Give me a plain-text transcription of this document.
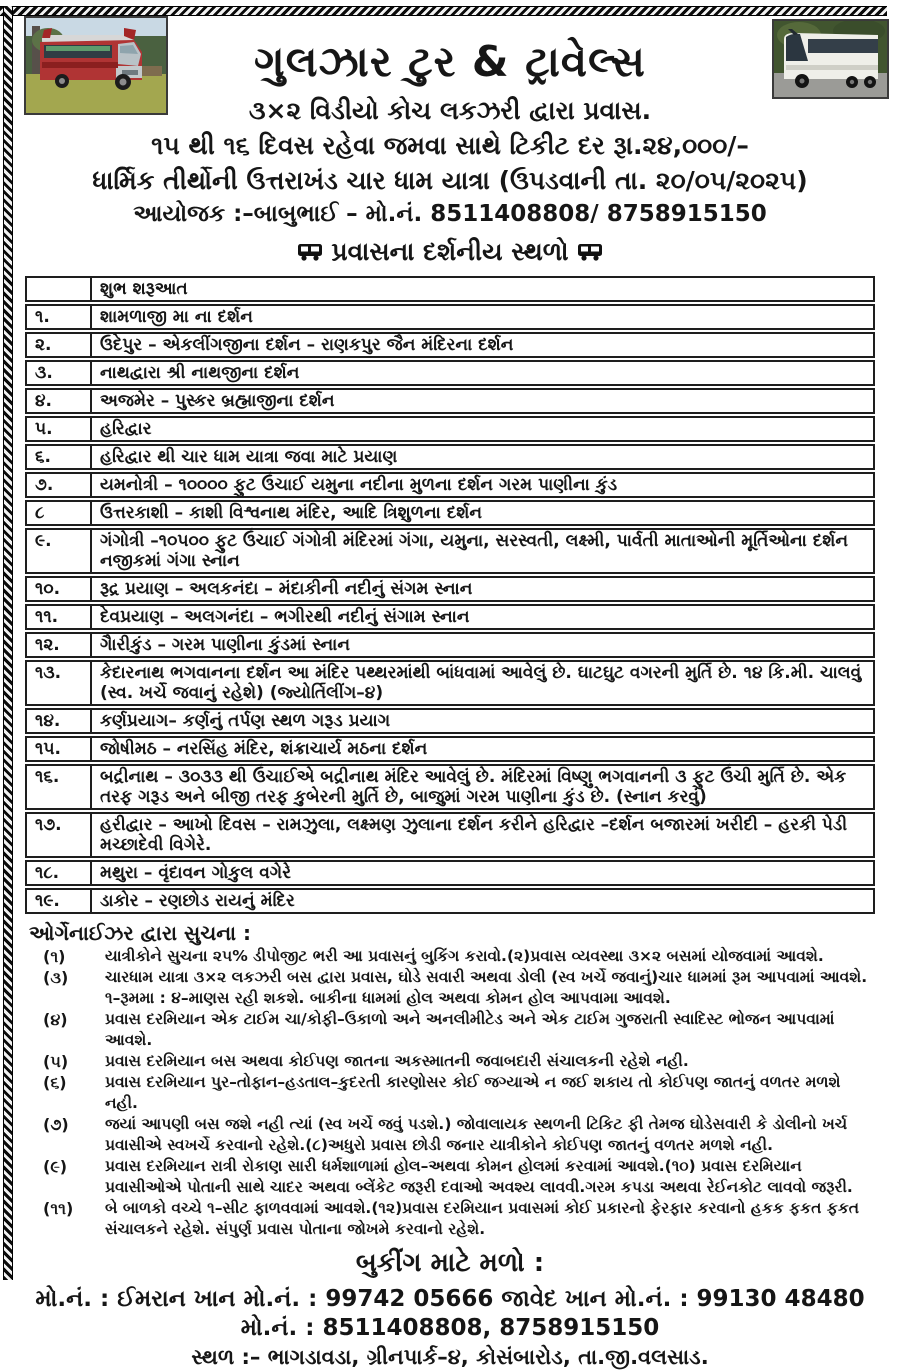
ગુલઝાર ટુર & ટ્રાવેલ્સ
૩×૨ વિડીયો કોચ લકઝરી દ્વારા પ્રવાસ.
૧૫ થી ૧૬ દિવસ રહેવા જમવા સાથે ટિકીટ દર રૂા.૨૪,૦૦૦/–
ધાર્મિક તીર્થોની ઉત્તરાખંડ ચાર ધામ યાત્રા (ઉપડવાની તા. ૨૦/૦૫/૨૦૨૫)
આયોજક :–બાબુભાઈ – મો.નં. 8511408808/ 8758915150
પ્રવાસના દર્શનીય સ્થળો
	શુભ શરૂઆત
૧.	શામળાજી મા ના દર્શન
૨.	ઉદેપુર – એકલીંગજીના દર્શન – રાણકપુર જૈન મંદિરના દર્શન
૩.	નાથદ્વારા શ્રી નાથજીના દર્શન
૪.	અજમેર – પુસ્કર બ્રહ્માજીના દર્શન
૫.	હરિદ્વાર
૬.	હરિદ્વાર થી ચાર ધામ યાત્રા જવા માટે પ્રયાણ
૭.	યમનોત્રી – ૧૦૦૦૦ ફુટ ઉંચાઈ યમુના નદીના મુળના દર્શન ગરમ પાણીના કુંડ
૮	ઉત્તરકાશી – કાશી વિશ્વનાથ મંદિર, આદિ ત્રિશુળના દર્શન
૯.	ગંગોત્રી –૧૦૫૦૦ ફુટ ઉંચાઈ ગંગોત્રી મંદિરમાં ગંગા, યમુના, સરસ્વતી, લક્ષ્મી, પાર્વતી માતાઓની મૂર્તિઓના દર્શન નજીકમાં ગંગા સ્નાન
૧૦.	રૂદ્ર પ્રયાણ – અલકનંદા – મંદાકીની નદીનું સંગમ સ્નાન
૧૧.	દેવપ્રયાણ – અલગનંદા – ભગીરથી નદીનું સંગામ સ્નાન
૧૨.	ગૈારીકુંડ – ગરમ પાણીના કુંડમાં સ્નાન
૧૩.	કેદારનાથ ભગવાનના દર્શન આ મંદિર પથ્થરમાંથી બાંધવામાં આવેલું છે. ઘાટઘુટ વગરની મુર્તિ છે. ૧૪ કિ.મી. ચાલવું (સ્વ. ખર્ચે જવાનું રહેશે) (જ્યોર્તિલીંગ–૪)
૧૪.	કર્ણપ્રયાગ– કર્ણનું તર્પણ સ્થળ ગરૂડ પ્રયાગ
૧૫.	જોષીમઠ – નરસિંહ મંદિર, શંક્રાચાર્ય મઠના દર્શન
૧૬.	બદ્રીનાથ – ૩૦૩૩ થી ઉંચાઈએ બદ્રીનાથ મંદિર આવેલું છે. મંદિરમાં વિષ્ણુ ભગવાનની ૩ ફુટ ઉંચી મુર્તિ છે. એક તરફ ગરૂડ અને બીજી તરફ કુબેરની મુર્તિ છે, બાજુમાં ગરમ પાણીના કુંડ છે. (સ્નાન કરવું)
૧૭.	હરીદ્વાર – આખો દિવસ – રામઝુલા, લક્ષ્મણ ઝુલાના દર્શન કરીને હરિદ્વાર –દર્શન બજારમાં ખરીદી – હરકી પેડી મચ્છાદેવી વિગેરે.
૧૮.	મથુરા – વૃંદાવન ગોકુલ વગેરે
૧૯.	ડાકોર – રણછોડ રાયનું મંદિર
ઓર્ગેનાઈઝર દ્વારા સુચના :
(૧)	યાત્રીકોને સુચના ૨૫% ડીપોજીટ ભરી આ પ્રવાસનું બુકિંગ કરાવો.(૨)પ્રવાસ વ્યવસ્થા ૩×૨ બસમાં યોજવામાં આવશે.
(૩)	ચારધામ યાત્રા ૩×૨ લકઝરી બસ દ્વારા પ્રવાસ, ઘોડે સવારી અથવા ડોલી (સ્વ ખર્ચે જવાનું)ચાર ધામમાં રૂમ આપવામાં આવશે. ૧–રૂમમા : ૪–માણસ રહી શકશે. બાકીના ધામમાં હોલ અથવા કોમન હોલ આપવામા આવશે.
(૪)	પ્રવાસ દરમિયાન એક ટાઈમ ચા/કોફી–ઉકાળો અને અનલીમીટેડ અને એક ટાઈમ ગુજરાતી સ્વાદિસ્ટ ભોજન આપવામાં આવશે.
(૫)	પ્રવાસ દરમિયાન બસ અથવા કોઈપણ જાતના અકસ્માતની જવાબદારી સંચાલકની રહેશે નહી.
(૬)	પ્રવાસ દરમિયાન પુર–તોફાન–હડતાલ–કુદરતી કારણોસર કોઈ જગ્યાએ ન જઈ શકાય તો કોઈપણ જાતનું વળતર મળશે નહી.
(૭)	જયાં આપણી બસ જશે નહી ત્યાં (સ્વ ખર્ચે જવું પડશે.) જોવાલાયક સ્થળની ટિકિટ ફી તેમજ ઘોડેસવારી કે ડોલીનો ખર્ચ પ્રવાસીએ સ્વખર્ચે કરવાનો રહેશે.(૮)અધુરો પ્રવાસ છોડી જનાર યાત્રીકોને કોઈપણ જાતનું વળતર મળશે નહી.
(૯)	પ્રવાસ દરમિયાન રાત્રી રોકાણ સારી ધર્મશાળામાં હોલ–અથવા કોમન હોલમાં કરવામાં આવશે.(૧૦) પ્રવાસ દરમિયાન પ્રવાસીઓએ પોતાની સાથે ચાદર અથવા બ્લેંકેટ જરૂરી દવાઓ અવશ્ય લાવવી.ગરમ કપડા અથવા રેઈનકોટ લાવવો જરૂરી.
(૧૧)	બે બાળકો વચ્ચે ૧–સીટ ફાળવવામાં આવશે.(૧૨)પ્રવાસ દરમિયાન પ્રવાસમાં કોઈ પ્રકારનો ફેરફાર કરવાનો હકક ફકત ફકત સંચાલકને રહેશે. સંપુર્ણ પ્રવાસ પોતાના જોખમે કરવાનો રહેશે.
બુકીંગ માટે મળો :
મો.નં. : ઈમરાન ખાન મો.નં. : 99742 05666 જાવેદ ખાન મો.નં. : 99130 48480
મો.નં. : 8511408808, 8758915150
સ્થળ :– ભાગડાવડા, ગ્રીનપાર્ક–૪, કોસંબારોડ, તા.જી.વલસાડ.
